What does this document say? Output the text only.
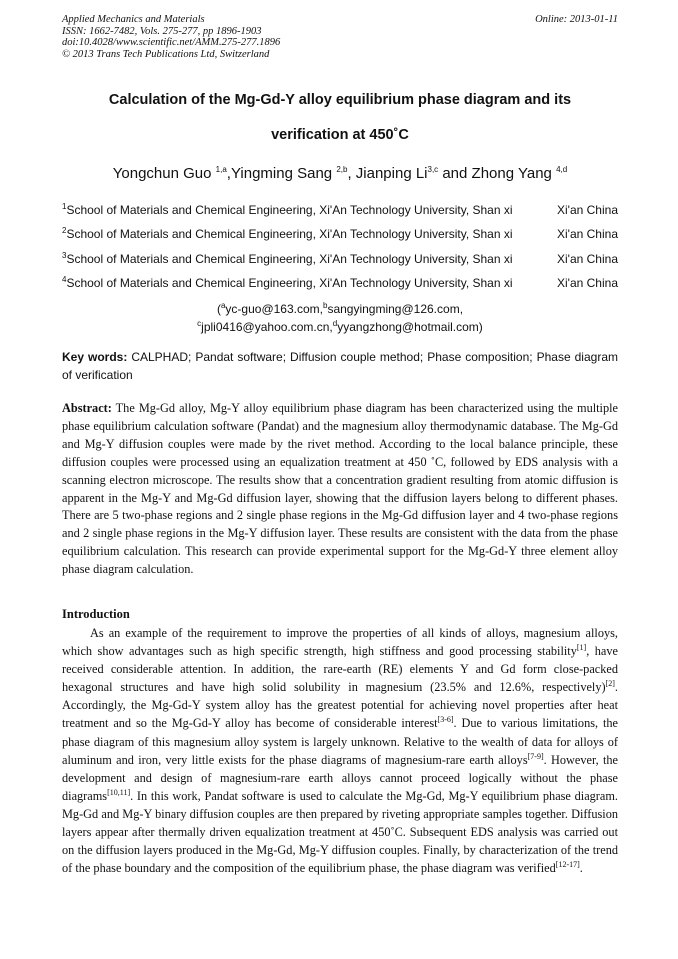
Applied Mechanics and Materials
ISSN: 1662-7482, Vols. 275-277, pp 1896-1903
doi:10.4028/www.scientific.net/AMM.275-277.1896
© 2013 Trans Tech Publications Ltd, Switzerland
Online: 2013-01-11
Calculation of the Mg-Gd-Y alloy equilibrium phase diagram and its
verification at 450˚C
Yongchun Guo $^{1,a}$,Yingming Sang $^{2,b}$, Jianping Li$^{3,c}$ and Zhong Yang $^{4,d}$
$^1$School of Materials and Chemical Engineering, Xi'An Technology University, Shan xi	Xi'an China
$^2$School of Materials and Chemical Engineering, Xi'An Technology University, Shan xi	Xi'an China
$^3$School of Materials and Chemical Engineering, Xi'An Technology University, Shan xi	Xi'an China
$^4$School of Materials and Chemical Engineering, Xi'An Technology University, Shan xi	Xi'an China
($^a$yc-guo@163.com,$^b$sangyingming@126.com,
$^c$jpli0416@yahoo.com.cn,$^d$yyangzhong@hotmail.com)
Key words: CALPHAD; Pandat software; Diffusion couple method; Phase composition; Phase diagram of verification
Abstract: The Mg-Gd alloy, Mg-Y alloy equilibrium phase diagram has been characterized using the multiple phase equilibrium calculation software (Pandat) and the magnesium alloy thermodynamic database. The Mg-Gd and Mg-Y diffusion couples were made by the rivet method. According to the local balance principle, these diffusion couples were processed using an equalization treatment at 450 ˚C, followed by EDS analysis with a scanning electron microscope. The results show that a concentration gradient resulting from atomic diffusion is apparent in the Mg-Y and Mg-Gd diffusion layer, showing that the diffusion layers belong to different phases. There are 5 two-phase regions and 2 single phase regions in the Mg-Gd diffusion layer and 4 two-phase regions and 2 single phase regions in the Mg-Y diffusion layer. These results are consistent with the data from the phase equilibrium calculation. This research can provide experimental support for the Mg-Gd-Y three element alloy phase diagram calculation.
Introduction
As an example of the requirement to improve the properties of all kinds of alloys, magnesium alloys, which show advantages such as high specific strength, high stiffness and good processing stability[1], have received considerable attention. In addition, the rare-earth (RE) elements Y and Gd form close-packed hexagonal structures and have high solid solubility in magnesium (23.5% and 12.6%, respectively)[2]. Accordingly, the Mg-Gd-Y system alloy has the greatest potential for achieving novel properties after heat treatment and so the Mg-Gd-Y alloy has become of considerable interest[3-6]. Due to various limitations, the phase diagram of this magnesium alloy system is largely unknown. Relative to the wealth of data for alloys of aluminum and iron, very little exists for the phase diagrams of magnesium-rare earth alloys[7-9]. However, the development and design of magnesium-rare earth alloys cannot proceed logically without the phase diagrams[10,11]. In this work, Pandat software is used to calculate the Mg-Gd, Mg-Y equilibrium phase diagram. Mg-Gd and Mg-Y binary diffusion couples are then prepared by riveting appropriate samples together. Diffusion layers appear after thermally driven equalization treatment at 450˚C. Subsequent EDS analysis was carried out on the diffusion layers produced in the Mg-Gd, Mg-Y diffusion couples. Finally, by characterization of the trend of the phase boundary and the composition of the equilibrium phase, the phase diagram was verified[12-17].
